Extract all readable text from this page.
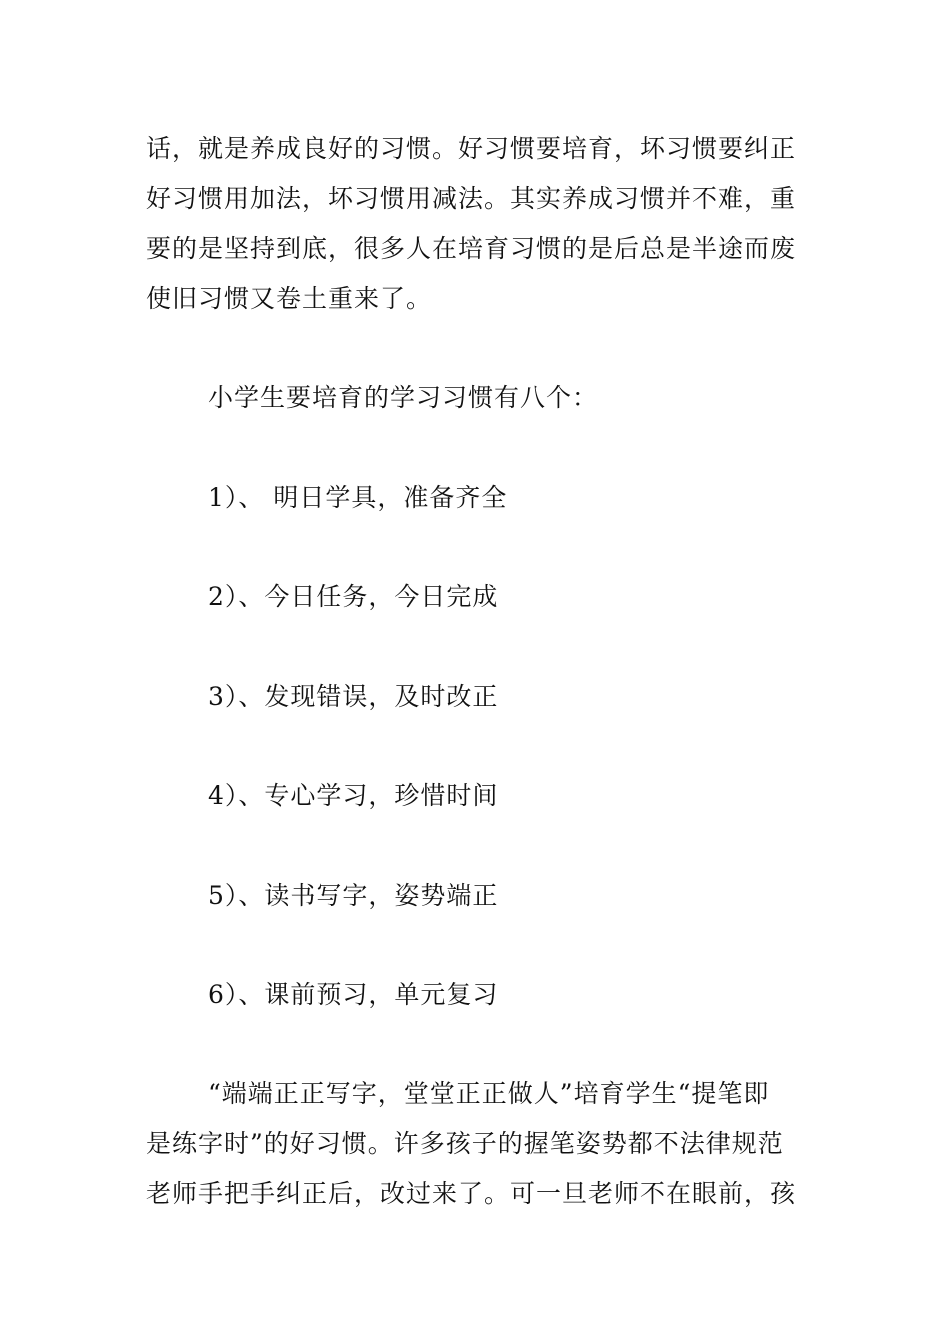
话，就是养成良好的习惯。好习惯要培育，坏习惯要纠正
好习惯用加法，坏习惯用减法。其实养成习惯并不难，重
要的是坚持到底，很多人在培育习惯的是后总是半途而废
使旧习惯又卷土重来了。
小学生要培育的学习习惯有八个：
1）、 明日学具，准备齐全
2）、今日任务，今日完成
3）、发现错误，及时改正
4）、专心学习，珍惜时间
5）、读书写字，姿势端正
6）、课前预习，单元复习
“端端正正写字，堂堂正正做人”培育学生“提笔即
是练字时”的好习惯。许多孩子的握笔姿势都不法律规范
老师手把手纠正后，改过来了。可一旦老师不在眼前，孩
